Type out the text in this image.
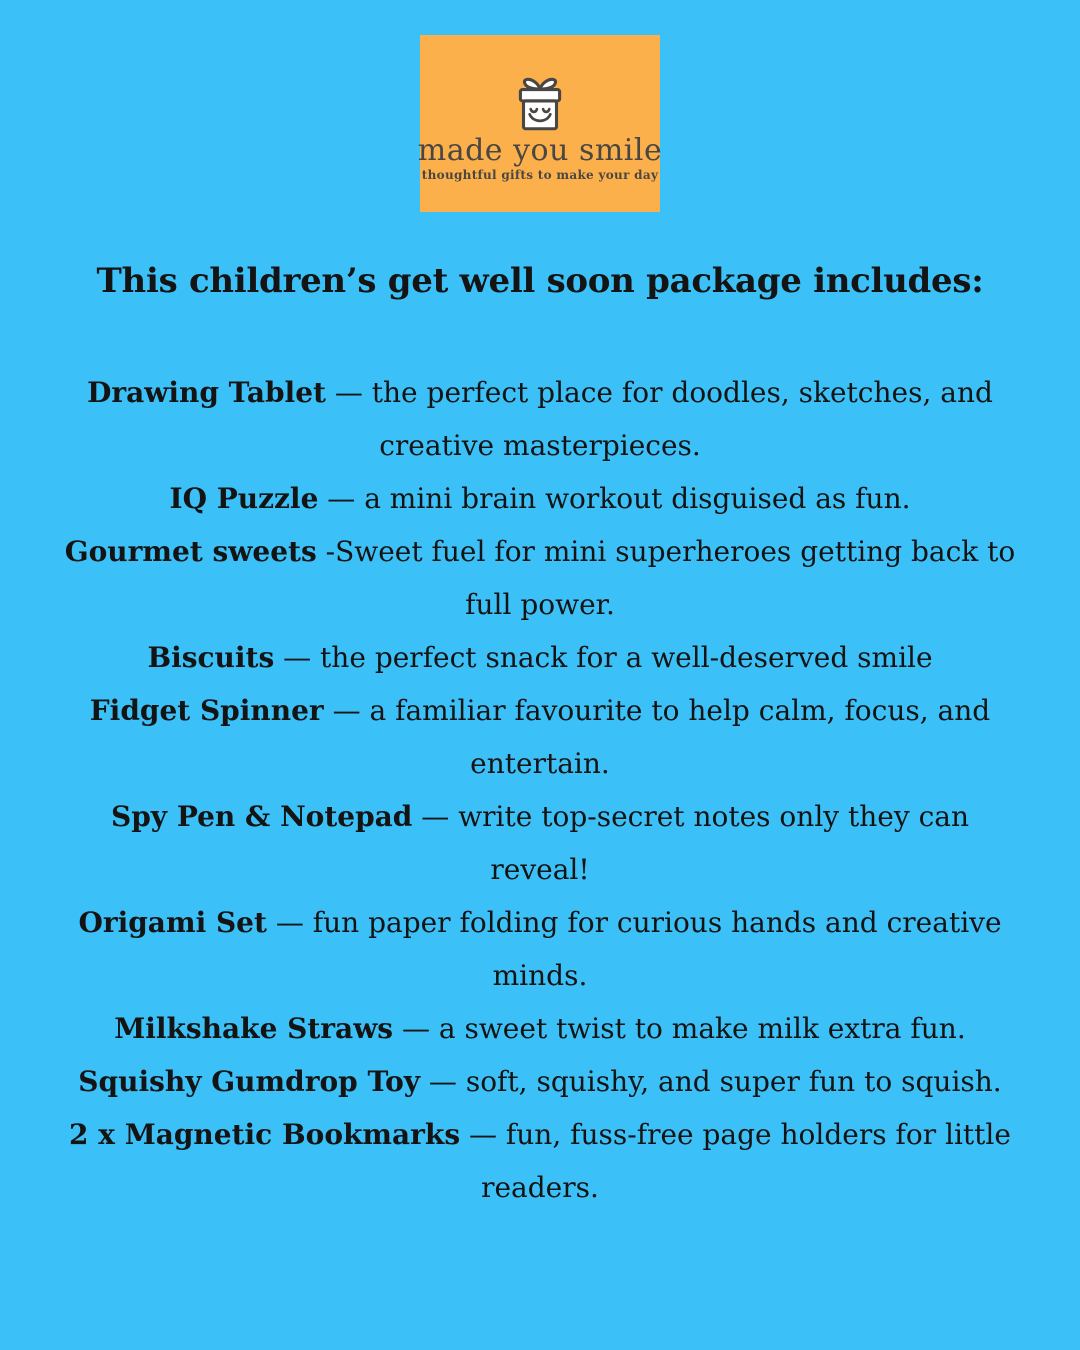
made you smile
thoughtful gifts to make your day
This children’s get well soon package includes:

Drawing Tablet — the perfect place for doodles, sketches, and creative masterpieces.

IQ Puzzle — a mini brain workout disguised as fun.

Gourmet sweets -Sweet fuel for mini superheroes getting back to full power.

Biscuits — the perfect snack for a well-deserved smile

Fidget Spinner — a familiar favourite to help calm, focus, and entertain.

Spy Pen & Notepad — write top-secret notes only they can reveal!

Origami Set — fun paper folding for curious hands and creative minds.

Milkshake Straws — a sweet twist to make milk extra fun.

Squishy Gumdrop Toy — soft, squishy, and super fun to squish.

2 x Magnetic Bookmarks — fun, fuss-free page holders for little readers.
